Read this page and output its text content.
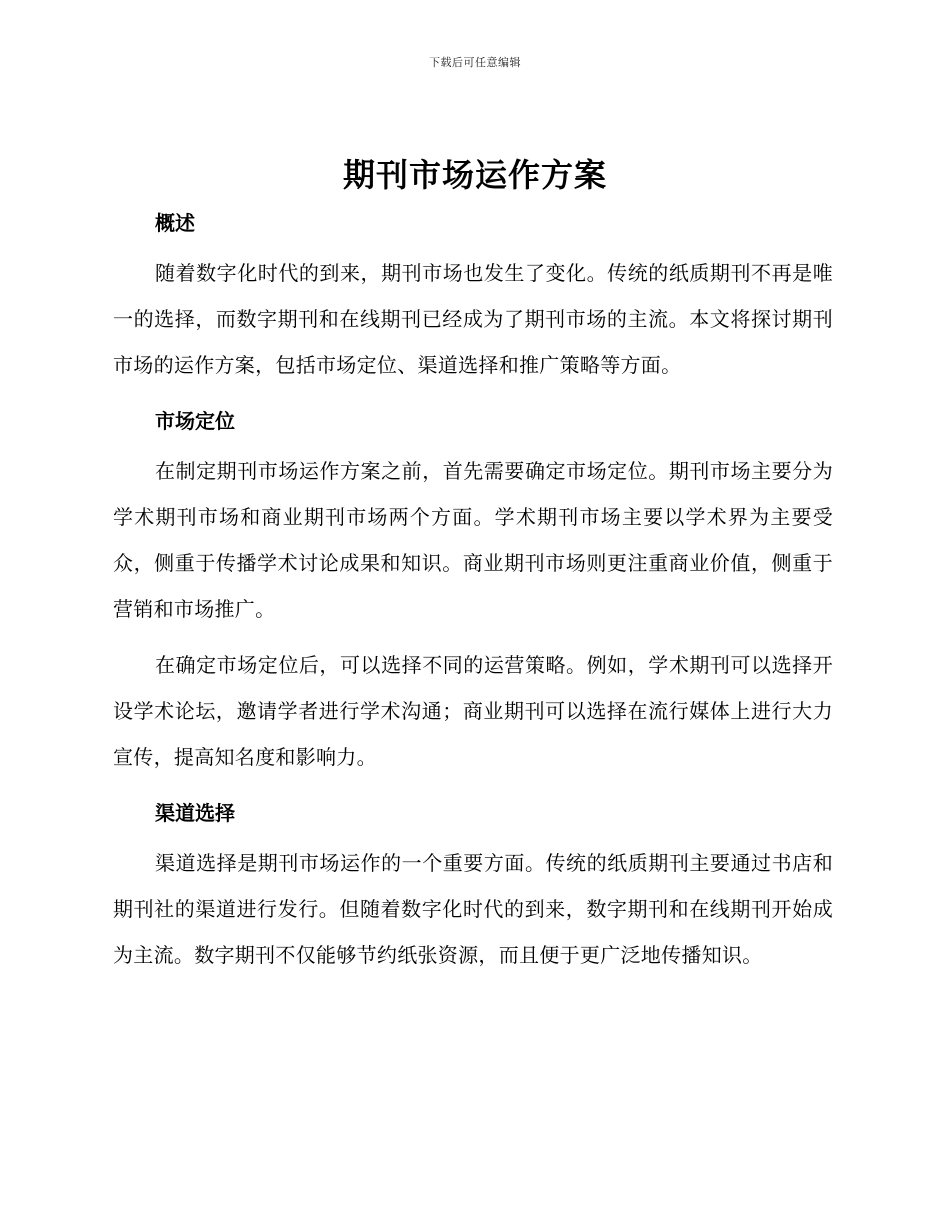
下载后可任意编辑
期刊市场运作方案
概述

随着数字化时代的到来，期刊市场也发生了变化。传统的纸质期刊不再是唯一的选择，而数字期刊和在线期刊已经成为了期刊市场的主流。本文将探讨期刊市场的运作方案，包括市场定位、渠道选择和推广策略等方面。

市场定位

在制定期刊市场运作方案之前，首先需要确定市场定位。期刊市场主要分为学术期刊市场和商业期刊市场两个方面。学术期刊市场主要以学术界为主要受众，侧重于传播学术讨论成果和知识。商业期刊市场则更注重商业价值，侧重于营销和市场推广。

在确定市场定位后，可以选择不同的运营策略。例如，学术期刊可以选择开设学术论坛，邀请学者进行学术沟通；商业期刊可以选择在流行媒体上进行大力宣传，提高知名度和影响力。

渠道选择

渠道选择是期刊市场运作的一个重要方面。传统的纸质期刊主要通过书店和期刊社的渠道进行发行。但随着数字化时代的到来，数字期刊和在线期刊开始成为主流。数字期刊不仅能够节约纸张资源，而且便于更广泛地传播知识。
